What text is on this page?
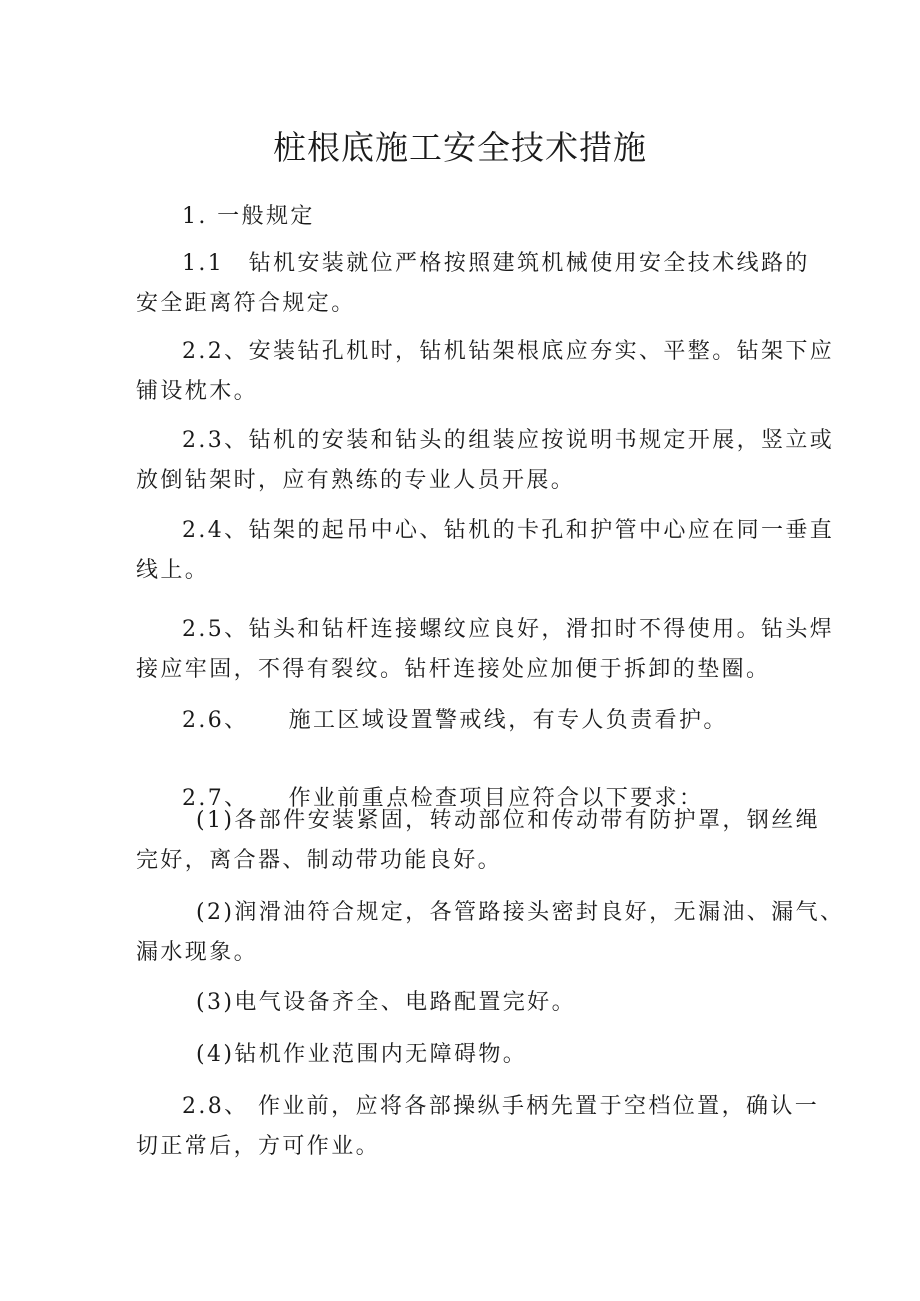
桩根底施工安全技术措施

1. 一般规定

1.1　钻机安装就位严格按照建筑机械使用安全技术线路的
安全距离符合规定。

2.2、安装钻孔机时，钻机钻架根底应夯实、平整。钻架下应
铺设枕木。

2.3、钻机的安装和钻头的组装应按说明书规定开展，竖立或
放倒钻架时，应有熟练的专业人员开展。

2.4、钻架的起吊中心、钻机的卡孔和护管中心应在同一垂直
线上。

2.5、钻头和钻杆连接螺纹应良好，滑扣时不得使用。钻头焊
接应牢固，不得有裂纹。钻杆连接处应加便于拆卸的垫圈。

2.6、 施工区域设置警戒线，有专人负责看护。

2.7、 作业前重点检查项目应符合以下要求：

(1)各部件安装紧固，转动部位和传动带有防护罩，钢丝绳
完好，离合器、制动带功能良好。

(2)润滑油符合规定，各管路接头密封良好，无漏油、漏气、
漏水现象。

(3)电气设备齐全、电路配置完好。

(4)钻机作业范围内无障碍物。

2.8、 作业前，应将各部操纵手柄先置于空档位置，确认一
切正常后，方可作业。
